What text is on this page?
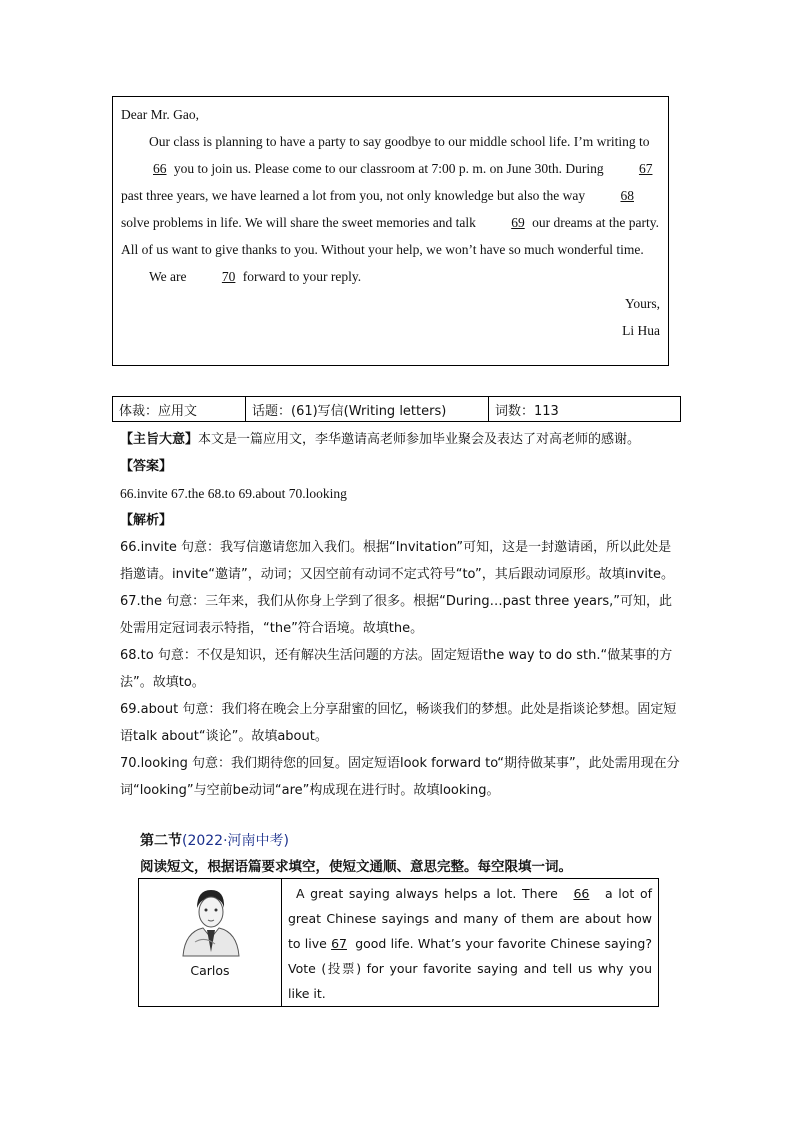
Dear Mr. Gao,

Our class is planning to have a party to say goodbye to our middle school life. I’m writing to 66 you to join us. Please come to our classroom at 7:00 p. m. on June 30th. During 67 past three years, we have learned a lot from you, not only knowledge but also the way 68 solve problems in life. We will share the sweet memories and talk 69 our dreams at the party. All of us want to give thanks to you. Without your help, we won’t have so much wonderful time.

We are 70 forward to your reply.

Yours,

Li Hua

体裁：应用文	话题：(61)写信(Writing letters)	词数：113

【主旨大意】本文是一篇应用文，李华邀请高老师参加毕业聚会及表达了对高老师的感谢。

【答案】

66.invite 67.the 68.to 69.about 70.looking

【解析】

66.invite 句意：我写信邀请您加入我们。根据“Invitation”可知，这是一封邀请函，所以此处是指邀请。invite“邀请”，动词；又因空前有动词不定式符号“to”，其后跟动词原形。故填invite。

67.the 句意：三年来，我们从你身上学到了很多。根据“During…past three years,”可知，此处需用定冠词表示特指，“the”符合语境。故填the。

68.to 句意：不仅是知识，还有解决生活问题的方法。固定短语the way to do sth.“做某事的方法”。故填to。

69.about 句意：我们将在晚会上分享甜蜜的回忆，畅谈我们的梦想。此处是指谈论梦想。固定短语talk about“谈论”。故填about。

70.looking 句意：我们期待您的回复。固定短语look forward to“期待做某事”，此处需用现在分词“looking”与空前be动词“are”构成现在进行时。故填looking。

第二节(2022·河南中考)
阅读短文，根据语篇要求填空，使短文通顺、意思完整。每空限填一词。
Carlos
	A great saying always helps a lot. There 66 a lot of great Chinese sayings and many of them are about how to live 67 good life. What’s your favorite Chinese saying? Vote (投票) for your favorite saying and tell us why you like it.
